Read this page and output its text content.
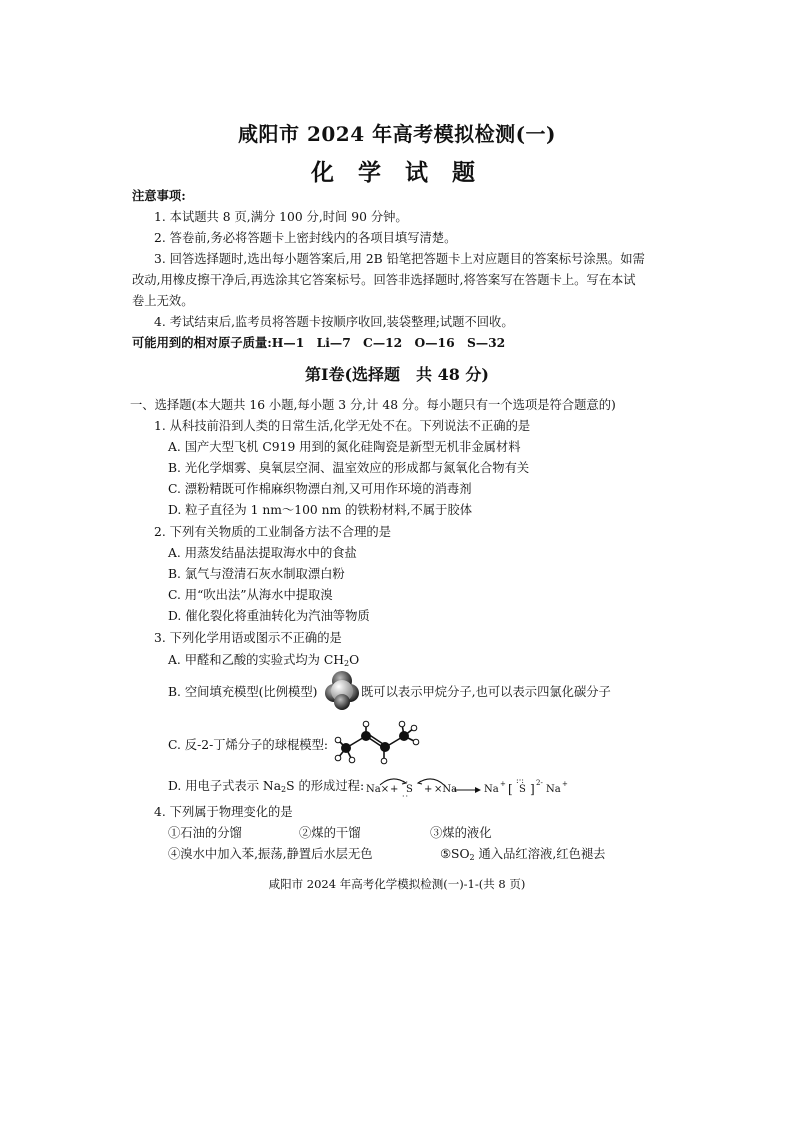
咸阳市 2024 年高考模拟检测(一)
化 学 试 题
注意事项:
1. 本试题共 8 页,满分 100 分,时间 90 分钟。
2. 答卷前,务必将答题卡上密封线内的各项目填写清楚。
3. 回答选择题时,选出每小题答案后,用 2B 铅笔把答题卡上对应题目的答案标号涂黑。如需
改动,用橡皮擦干净后,再选涂其它答案标号。回答非选择题时,将答案写在答题卡上。写在本试
卷上无效。
4. 考试结束后,监考员将答题卡按顺序收回,装袋整理;试题不回收。
可能用到的相对原子质量:H—1　Li—7　C—12　O—16　S—32
第Ⅰ卷(选择题　共 48 分)
一、选择题(本大题共 16 小题,每小题 3 分,计 48 分。每小题只有一个选项是符合题意的)
1. 从科技前沿到人类的日常生活,化学无处不在。下列说法不正确的是
A. 国产大型飞机 C919 用到的氮化硅陶瓷是新型无机非金属材料
B. 光化学烟雾、臭氧层空洞、温室效应的形成都与氮氧化合物有关
C. 漂粉精既可作棉麻织物漂白剂,又可用作环境的消毒剂
D. 粒子直径为 1 nm～100 nm 的铁粉材料,不属于胶体
2. 下列有关物质的工业制备方法不合理的是
A. 用蒸发结晶法提取海水中的食盐
B. 氯气与澄清石灰水制取漂白粉
C. 用“吹出法”从海水中提取溴
D. 催化裂化将重油转化为汽油等物质
3. 下列化学用语或图示不正确的是
A. 甲醛和乙酸的实验式均为 $CH_2O$
B. 空间填充模型(比例模型)	既可以表示甲烷分子,也可以表示四氯化碳分子
C. 反-2-丁烯分子的球棍模型:
D. 用电子式表示 $Na_2S$ 的形成过程: Na× + S
··
··
+ ×Na → Na + [
:·:
S ] 2-
Na +
4. 下列属于物理变化的是
①石油的分馏	②煤的干馏	③煤的液化
④溴水中加入苯,振荡,静置后水层无色	$⑤SO_2$ 通入品红溶液,红色褪去
咸阳市 2024 年高考化学模拟检测(一)-1-(共 8 页)
